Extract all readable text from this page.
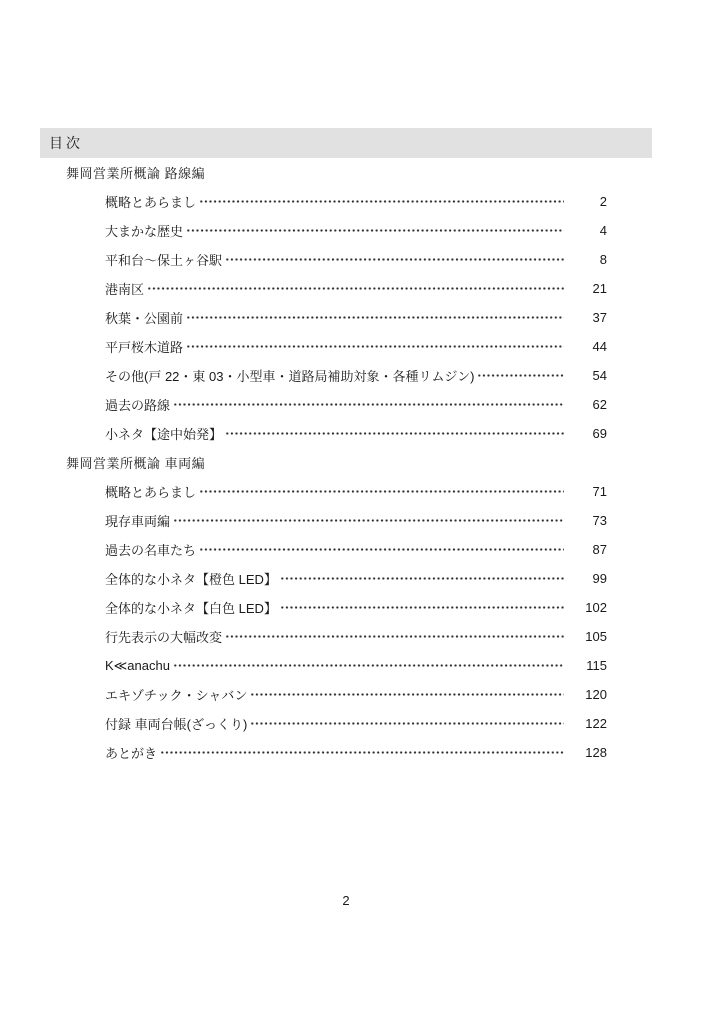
目次
舞岡営業所概論 路線編
概略とあらまし	2
大まかな歴史	4
平和台～保土ヶ谷駅	8
港南区	21
秋葉・公園前	37
平戸桜木道路	44
その他(戸 22・東 03・小型車・道路局補助対象・各種リムジン)	54
過去の路線	62
小ネタ【途中始発】	69
舞岡営業所概論 車両編
概略とあらまし	71
現存車両編	73
過去の名車たち	87
全体的な小ネタ【橙色 LED】	99
全体的な小ネタ【白色 LED】	102
行先表示の大幅改変	105
K≪anachu	115
エキゾチック・シャバン	120
付録 車両台帳(ざっくり)	122
あとがき	128
2
